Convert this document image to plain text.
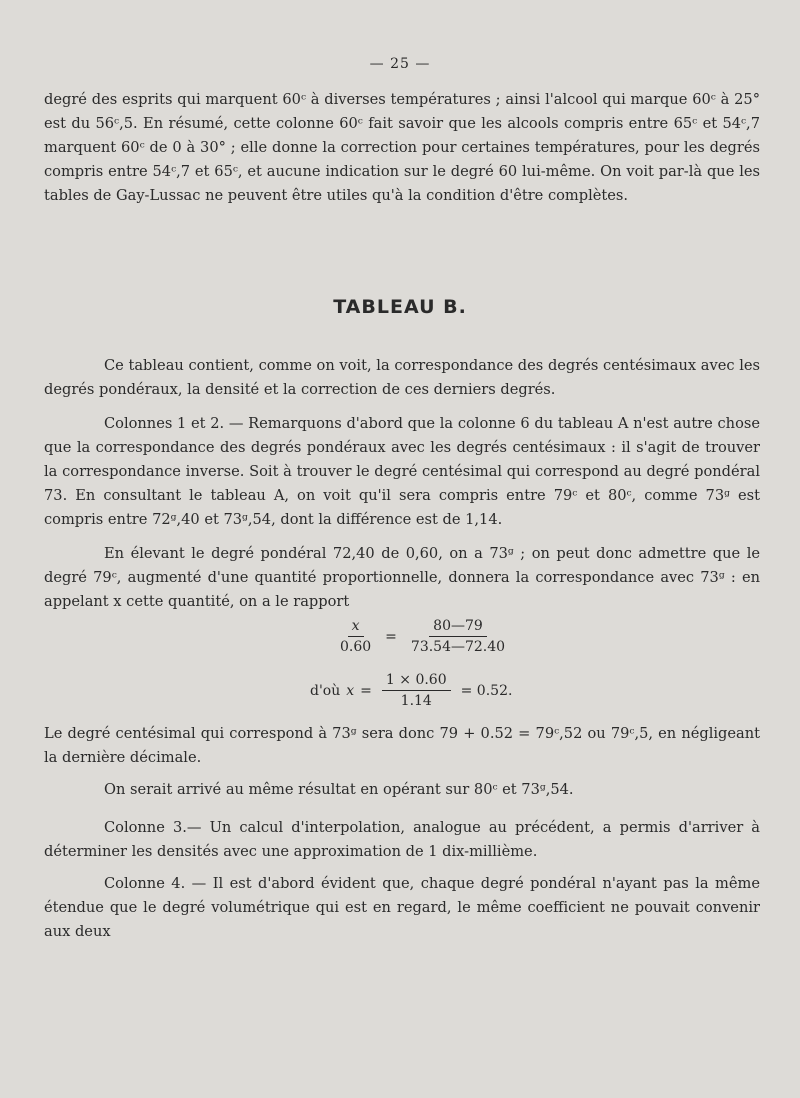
— 25 —
degré des esprits qui marquent 60ᶜ à diverses températures ; ainsi l'alcool qui marque 60ᶜ à 25° est du 56ᶜ,5. En résumé, cette colonne 60ᶜ fait savoir que les alcools compris entre 65ᶜ et 54ᶜ,7 marquent 60ᶜ de 0 à 30° ; elle donne la correction pour certaines températures, pour les degrés compris entre 54ᶜ,7 et 65ᶜ, et aucune indication sur le degré 60 lui-même. On voit par-là que les tables de Gay-Lussac ne peuvent être utiles qu'à la condition d'être complètes.
TABLEAU B.
Ce tableau contient, comme on voit, la correspondance des degrés centésimaux avec les degrés pondéraux, la densité et la correction de ces derniers degrés.
Colonnes 1 et 2. — Remarquons d'abord que la colonne 6 du tableau A n'est autre chose que la correspondance des degrés pondéraux avec les degrés centésimaux : il s'agit de trouver la correspondance inverse. Soit à trouver le degré centésimal qui correspond au degré pondéral 73. En consultant le tableau A, on voit qu'il sera compris entre 79ᶜ et 80ᶜ, comme 73ᵍ est compris entre 72ᵍ,40 et 73ᵍ,54, dont la différence est de 1,14.
En élevant le degré pondéral 72,40 de 0,60, on a 73ᵍ ; on peut donc admettre que le degré 79ᶜ, augmenté d'une quantité proportionnelle, donnera la correspondance avec 73ᵍ : en appelant x cette quantité, on a le rapport
$\frac{x}{0.60} = \frac{80—79}{73.54—72.40}$
d'où $x = \frac{1 \times 0.60}{1.14} = 0.52$.
Le degré centésimal qui correspond à 73ᵍ sera donc 79 + 0.52 = 79ᶜ,52 ou 79ᶜ,5, en négligeant la dernière décimale.
On serait arrivé au même résultat en opérant sur 80ᶜ et 73ᵍ,54.
Colonne 3.— Un calcul d'interpolation, analogue au précédent, a permis d'arriver à déterminer les densités avec une approximation de 1 dix-millième.
Colonne 4. — Il est d'abord évident que, chaque degré pondéral n'ayant pas la même étendue que le degré volumétrique qui est en regard, le même coefficient ne pouvait convenir aux deux
